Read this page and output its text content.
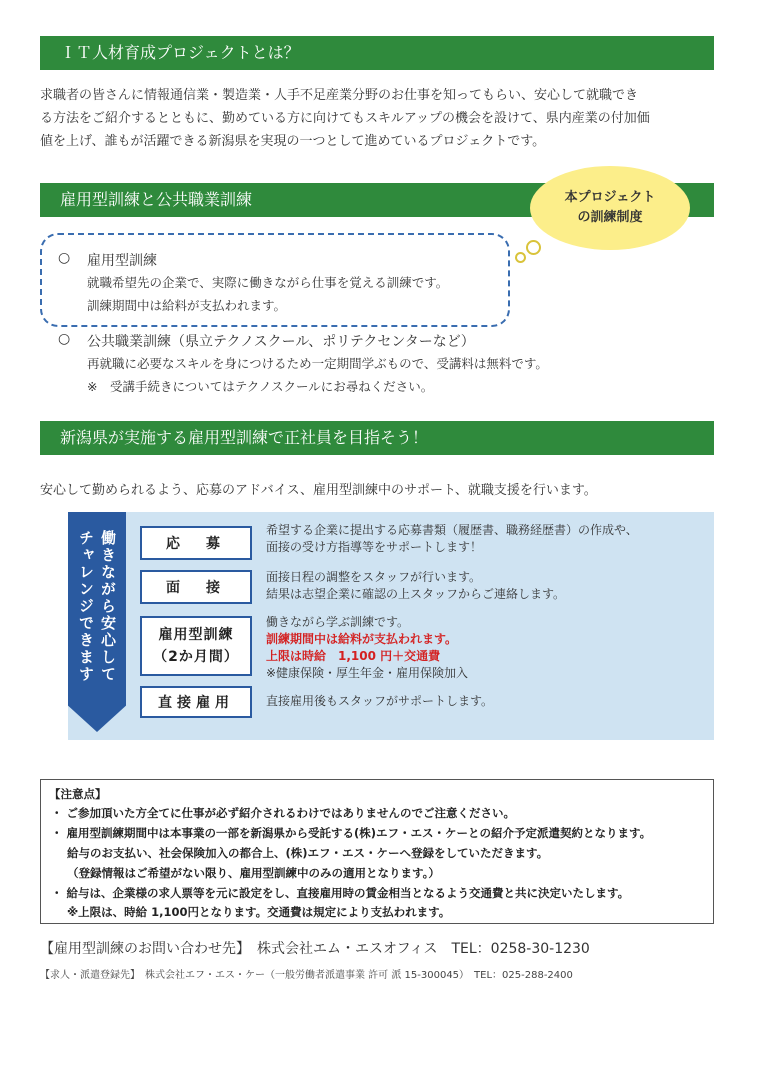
ＩＴ人材育成プロジェクトとは？
求職者の皆さんに情報通信業・製造業・人手不足産業分野のお仕事を知ってもらい、安心して就職でき
る方法をご紹介するとともに、勤めている方に向けてもスキルアップの機会を設けて、県内産業の付加価
値を上げ、誰もが活躍できる新潟県を実現の一つとして進めているプロジェクトです。
雇用型訓練と公共職業訓練	本プロジェクト
の訓練制度
○ 雇用型訓練
就職希望先の企業で、実際に働きながら仕事を覚える訓練です。
訓練期間中は給料が支払われます。
○ 公共職業訓練（県立テクノスクール、ポリテクセンターなど）
再就職に必要なスキルを身につけるため一定期間学ぶもので、受講料は無料です。
※　受講手続きについてはテクノスクールにお尋ねください。
新潟県が実施する雇用型訓練で正社員を目指そう！
安心して勤められるよう、応募のアドバイス、雇用型訓練中のサポート、就職支援を行います。
働きながら安心して
チャレンジできます	応　募
希望する企業に提出する応募書類（履歴書、職務経歴書）の作成や、
面接の受け方指導等をサポートします！
面　接
面接日程の調整をスタッフが行います。
結果は志望企業に確認の上スタッフからご連絡します。
雇用型訓練
（2か月間）
働きながら学ぶ訓練です。
訓練期間中は給料が支払われます。
上限は時給　1,100 円＋交通費
※健康保険・厚生年金・雇用保険加入
直接雇用	直接雇用後もスタッフがサポートします。
【注意点】
・ ご参加頂いた方全てに仕事が必ず紹介されるわけではありませんのでご注意ください。
・ 雇用型訓練期間中は本事業の一部を新潟県から受託する(株)エフ・エス・ケーとの紹介予定派遣契約となります。
給与のお支払い、社会保険加入の都合上、(株)エフ・エス・ケーへ登録をしていただきます。
（登録情報はご希望がない限り、雇用型訓練中のみの適用となります。）
・ 給与は、企業様の求人票等を元に設定をし、直接雇用時の賃金相当となるよう交通費と共に決定いたします。
※上限は、時給 1,100円となります。交通費は規定により支払われます。
【雇用型訓練のお問い合わせ先】　株式会社エム・エスオフィス　TEL：0258-30-1230
【求人・派遣登録先】　株式会社エフ・エス・ケー（一般労働者派遣事業 許可 派 15-300045）　TEL：025-288-2400
